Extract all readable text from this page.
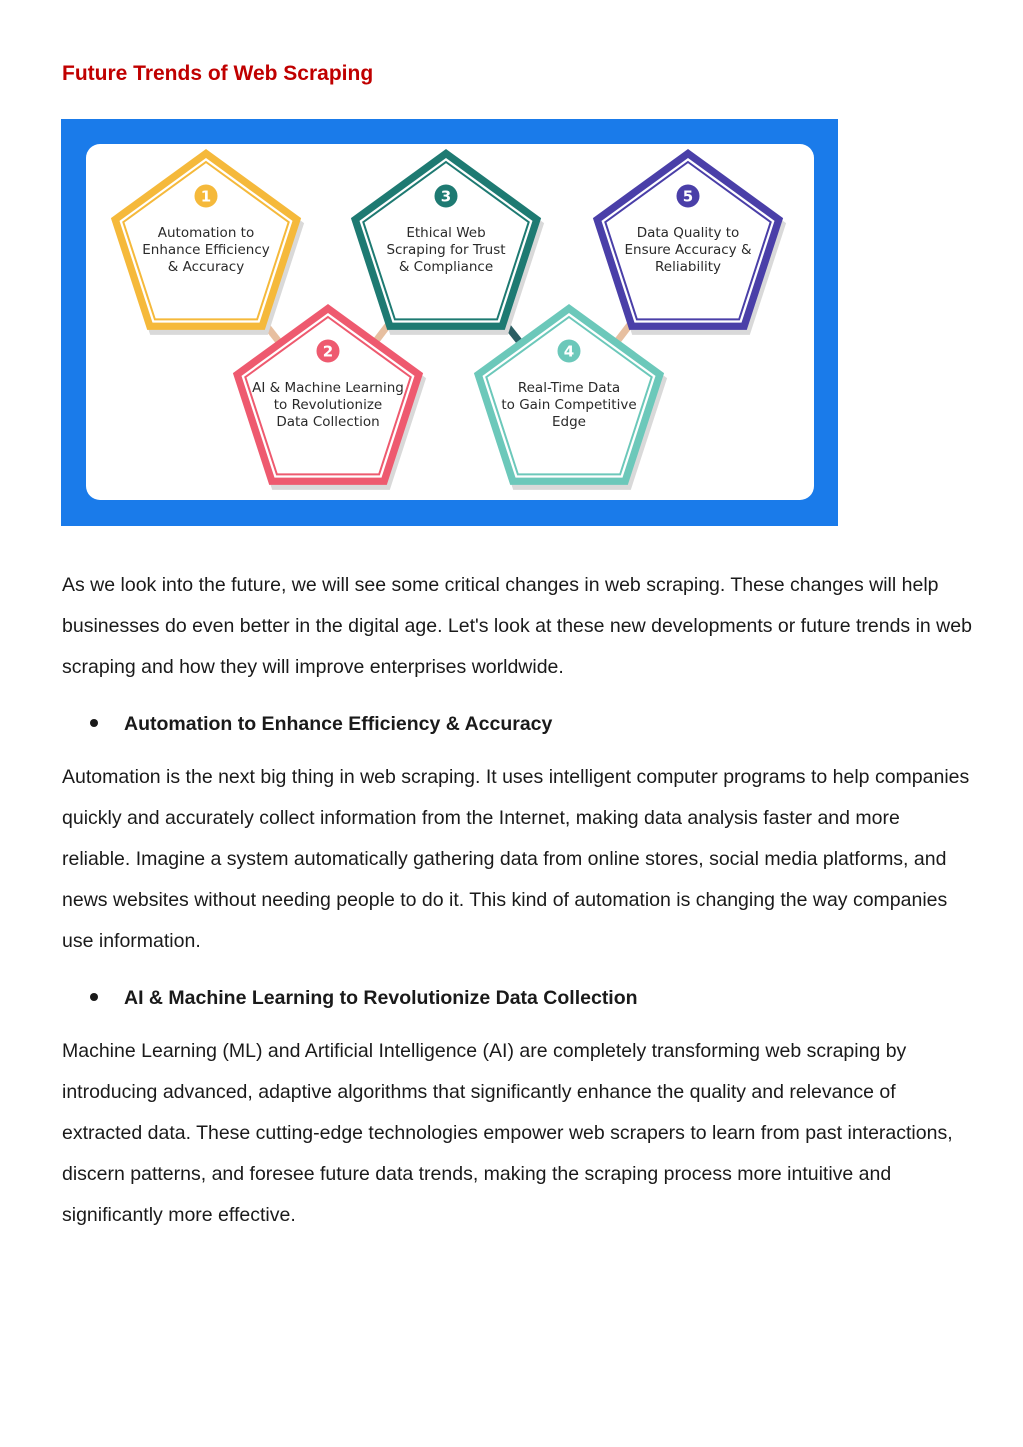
Future Trends of Web Scraping
1
Automation to
Enhance Efficiency
& Accuracy
2
AI & Machine Learning
to Revolutionize
Data Collection
3
Ethical Web
Scraping for Trust
& Compliance
4
Real-Time Data
to Gain Competitive
Edge
5
Data Quality to
Ensure Accuracy &
Reliability

As we look into the future, we will see some critical changes in web scraping. These changes will help businesses do even better in the digital age. Let's look at these new developments or future trends in web scraping and how they will improve enterprises worldwide.

Automation to Enhance Efficiency & Accuracy

Automation is the next big thing in web scraping. It uses intelligent computer programs to help companies quickly and accurately collect information from the Internet, making data analysis faster and more reliable. Imagine a system automatically gathering data from online stores, social media platforms, and news websites without needing people to do it. This kind of automation is changing the way companies use information.

AI & Machine Learning to Revolutionize Data Collection

Machine Learning (ML) and Artificial Intelligence (AI) are completely transforming web scraping by introducing advanced, adaptive algorithms that significantly enhance the quality and relevance of extracted data. These cutting-edge technologies empower web scrapers to learn from past interactions, discern patterns, and foresee future data trends, making the scraping process more intuitive and significantly more effective.
